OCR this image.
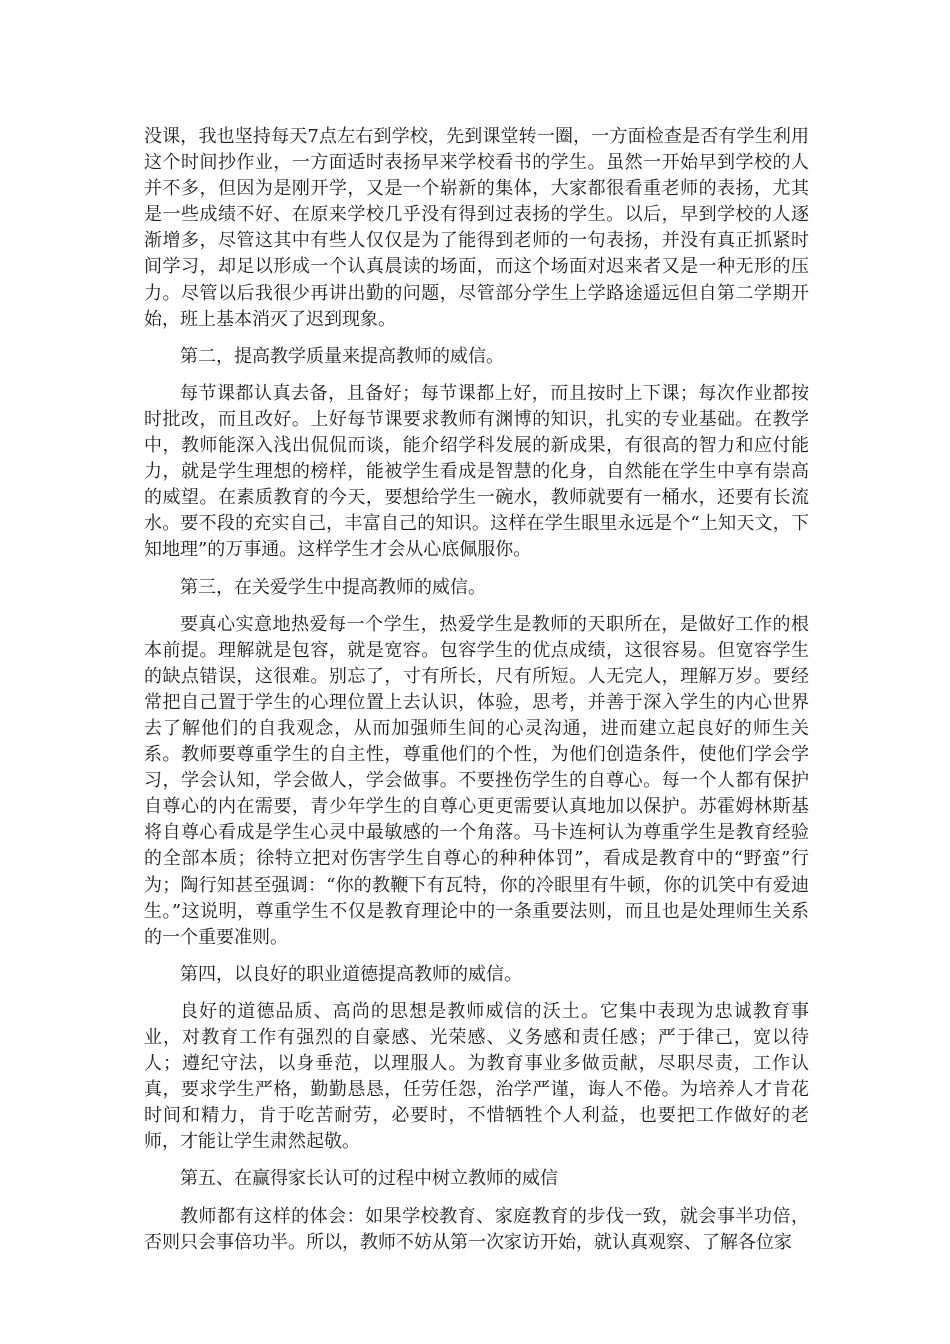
没课，我也坚持每天7点左右到学校，先到课堂转一圈，一方面检查是否有学生利用这个时间抄作业，一方面适时表扬早来学校看书的学生。虽然一开始早到学校的人并不多，但因为是刚开学，又是一个崭新的集体，大家都很看重老师的表扬，尤其是一些成绩不好、在原来学校几乎没有得到过表扬的学生。以后，早到学校的人逐渐增多，尽管这其中有些人仅仅是为了能得到老师的一句表扬，并没有真正抓紧时间学习，却足以形成一个认真晨读的场面，而这个场面对迟来者又是一种无形的压力。尽管以后我很少再讲出勤的问题，尽管部分学生上学路途遥远但自第二学期开始，班上基本消灭了迟到现象。

第二，提高教学质量来提高教师的威信。

每节课都认真去备，且备好；每节课都上好，而且按时上下课；每次作业都按时批改，而且改好。上好每节课要求教师有渊博的知识，扎实的专业基础。在教学中，教师能深入浅出侃侃而谈，能介绍学科发展的新成果，有很高的智力和应付能力，就是学生理想的榜样，能被学生看成是智慧的化身，自然能在学生中享有崇高的威望。在素质教育的今天，要想给学生一碗水，教师就要有一桶水，还要有长流水。要不段的充实自己，丰富自己的知识。这样在学生眼里永远是个“上知天文，下知地理”的万事通。这样学生才会从心底佩服你。

第三，在关爱学生中提高教师的威信。

要真心实意地热爱每一个学生，热爱学生是教师的天职所在，是做好工作的根本前提。理解就是包容，就是宽容。包容学生的优点成绩，这很容易。但宽容学生的缺点错误，这很难。别忘了，寸有所长，尺有所短。人无完人，理解万岁。要经常把自己置于学生的心理位置上去认识，体验，思考，并善于深入学生的内心世界去了解他们的自我观念，从而加强师生间的心灵沟通，进而建立起良好的师生关系。教师要尊重学生的自主性，尊重他们的个性，为他们创造条件，使他们学会学习，学会认知，学会做人，学会做事。不要挫伤学生的自尊心。每一个人都有保护自尊心的内在需要，青少年学生的自尊心更更需要认真地加以保护。苏霍姆林斯基将自尊心看成是学生心灵中最敏感的一个角落。马卡连柯认为尊重学生是教育经验的全部本质；徐特立把对伤害学生自尊心的种种体罚”，看成是教育中的“野蛮”行为；陶行知甚至强调：“你的教鞭下有瓦特，你的冷眼里有牛顿，你的讥笑中有爱迪生。”这说明，尊重学生不仅是教育理论中的一条重要法则，而且也是处理师生关系的一个重要准则。

第四，以良好的职业道德提高教师的威信。

良好的道德品质、高尚的思想是教师威信的沃土。它集中表现为忠诚教育事业，对教育工作有强烈的自豪感、光荣感、义务感和责任感；严于律己，宽以待人；遵纪守法，以身垂范，以理服人。为教育事业多做贡献，尽职尽责，工作认真，要求学生严格，勤勤恳恳，任劳任怨，治学严谨，诲人不倦。为培养人才肯花时间和精力，肯于吃苦耐劳，必要时，不惜牺牲个人利益，也要把工作做好的老师，才能让学生肃然起敬。

第五、在赢得家长认可的过程中树立教师的威信

教师都有这样的体会：如果学校教育、家庭教育的步伐一致，就会事半功倍，否则只会事倍功半。所以，教师不妨从第一次家访开始，就认真观察、了解各位家
